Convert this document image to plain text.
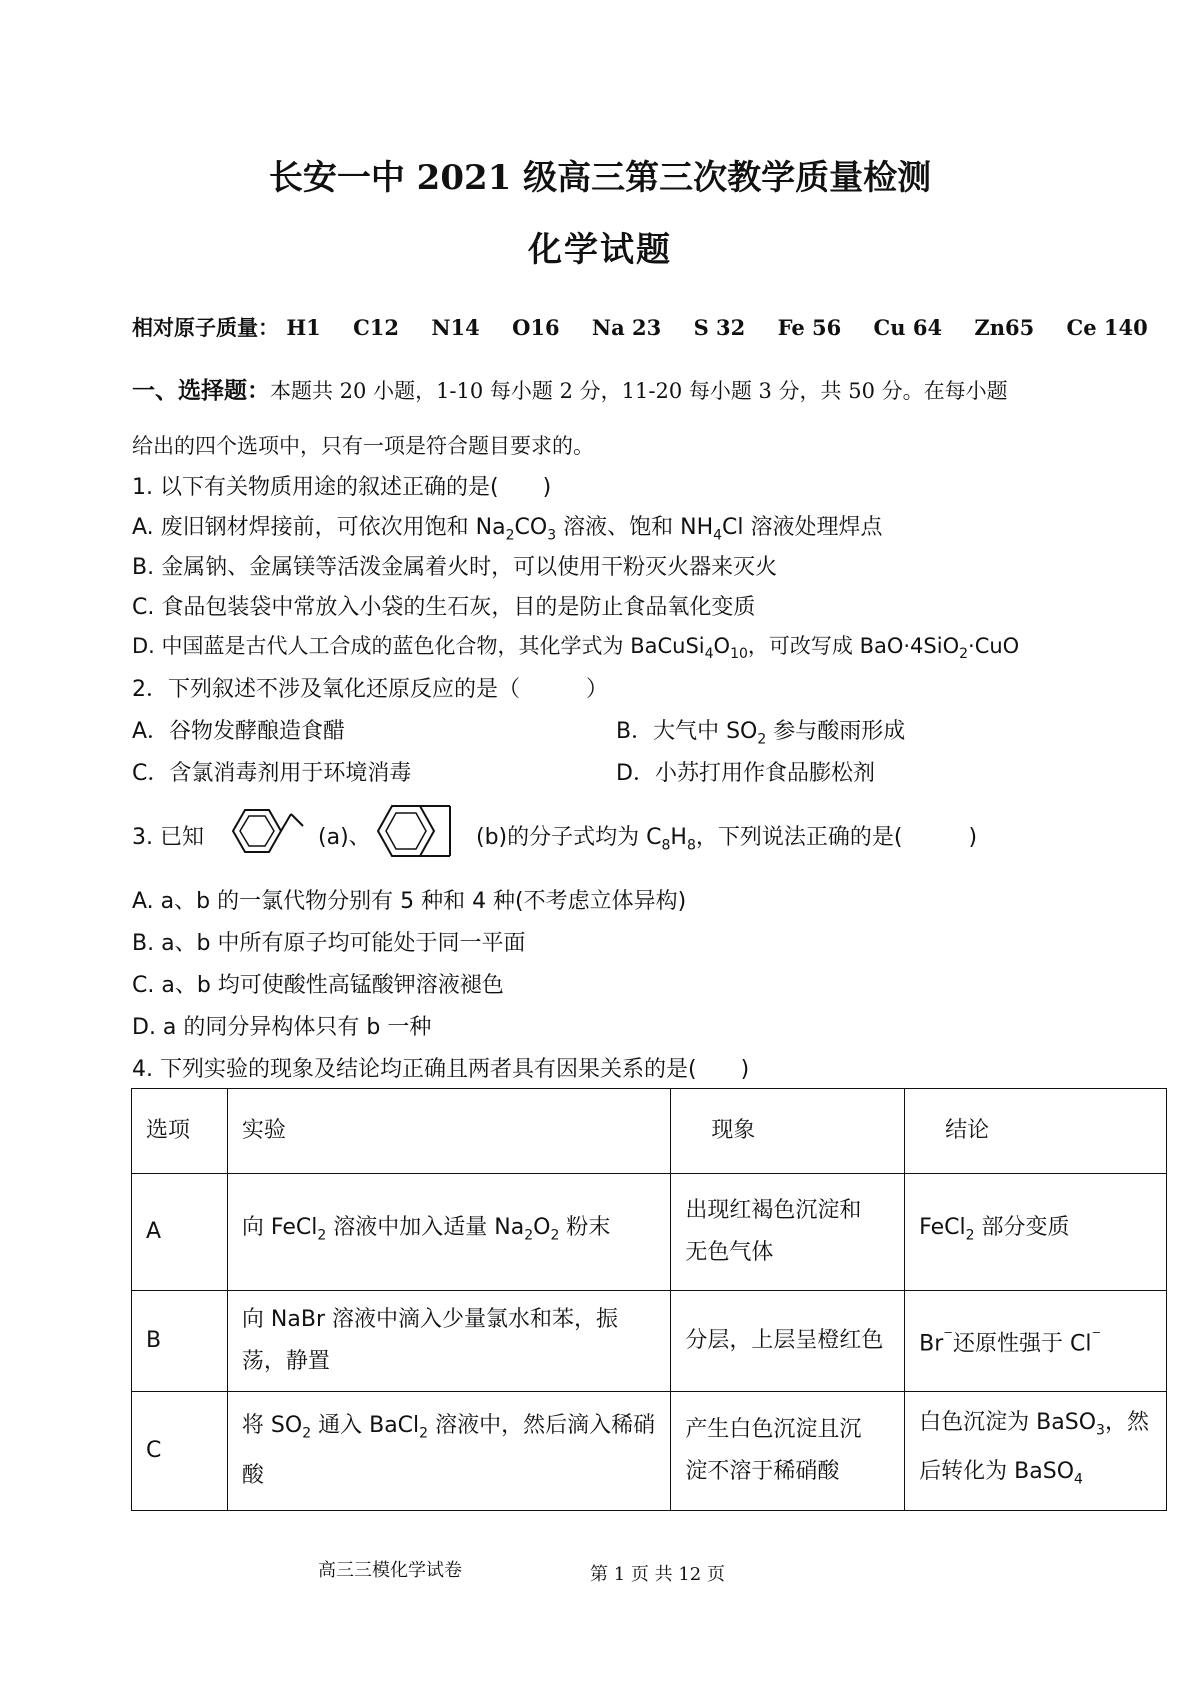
长安一中 2021 级高三第三次教学质量检测
化学试题
相对原子质量： H1 C12 N14 O16 Na 23 S 32 Fe 56 Cu 64 Zn65 Ce 140
一、选择题：本题共 20 小题，1-10 每小题 2 分，11-20 每小题 3 分，共 50 分。在每小题
给出的四个选项中，只有一项是符合题目要求的。
1. 以下有关物质用途的叙述正确的是(　　)
A. 废旧钢材焊接前，可依次用饱和 $Na_2CO_3$ 溶液、饱和 $NH_4Cl$ 溶液处理焊点
B. 金属钠、金属镁等活泼金属着火时，可以使用干粉灭火器来灭火
C. 食品包装袋中常放入小袋的生石灰，目的是防止食品氧化变质
D. 中国蓝是古代人工合成的蓝色化合物，其化学式为 $BaCuSi_4O_{10}$，可改写成 BaO·4SiO$_2$·CuO
2．下列叙述不涉及氧化还原反应的是（　　　）
A．谷物发酵酿造食醋	B．大气中 $SO_2$ 参与酸雨形成
C．含氯消毒剂用于环境消毒	D．小苏打用作食品膨松剂
3. 已知	(a)、	(b)的分子式均为 $C_8H_8$，下列说法正确的是(　　　)
A. a、b 的一氯代物分别有 5 种和 4 种(不考虑立体异构)
B. a、b 中所有原子均可能处于同一平面
C. a、b 均可使酸性高锰酸钾溶液褪色
D. a 的同分异构体只有 b 一种
4. 下列实验的现象及结论均正确且两者具有因果关系的是(　　)
选项	实验	现象	结论
A	向 FeCl$_2$ 溶液中加入适量 $Na_2O_2$ 粉末	出现红褐色沉淀和
无色气体	FeCl$_2$ 部分变质
B	向 NaBr 溶液中滴入少量氯水和苯，振
荡，静置	分层，上层呈橙红色	Br⁻还原性强于 Cl⁻
C	将 $SO_2$ 通入 BaCl$_2$ 溶液中，然后滴入稀硝
酸	产生白色沉淀且沉
淀不溶于稀硝酸	白色沉淀为 BaSO$_3$，然
后转化为 BaSO$_4$
高三三模化学试卷	第 1 页 共 12 页
